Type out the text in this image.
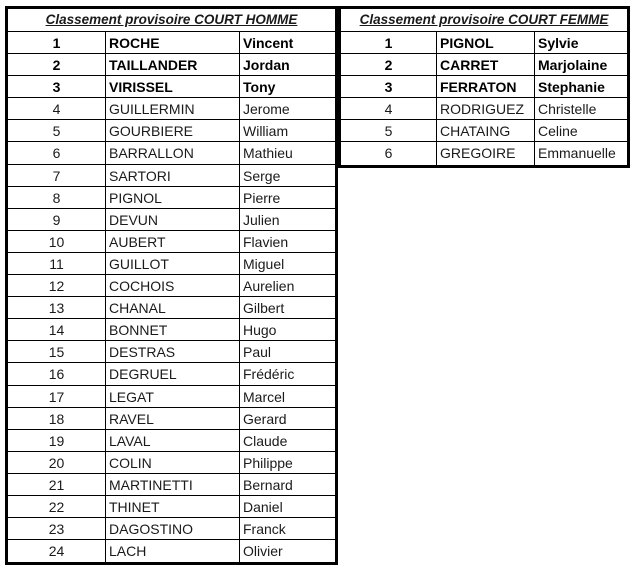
Classement provisoire COURT HOMME
1	ROCHE	Vincent
2	TAILLANDER	Jordan
3	VIRISSEL	Tony
4	GUILLERMIN	Jerome
5	GOURBIERE	William
6	BARRALLON	Mathieu
7	SARTORI	Serge
8	PIGNOL	Pierre
9	DEVUN	Julien
10	AUBERT	Flavien
11	GUILLOT	Miguel
12	COCHOIS	Aurelien
13	CHANAL	Gilbert
14	BONNET	Hugo
15	DESTRAS	Paul
16	DEGRUEL	Frédéric
17	LEGAT	Marcel
18	RAVEL	Gerard
19	LAVAL	Claude
20	COLIN	Philippe
21	MARTINETTI	Bernard
22	THINET	Daniel
23	DAGOSTINO	Franck
24	LACH	Olivier
Classement provisoire COURT FEMME
1	PIGNOL	Sylvie
2	CARRET	Marjolaine
3	FERRATON	Stephanie
4	RODRIGUEZ	Christelle
5	CHATAING	Celine
6	GREGOIRE	Emmanuelle
